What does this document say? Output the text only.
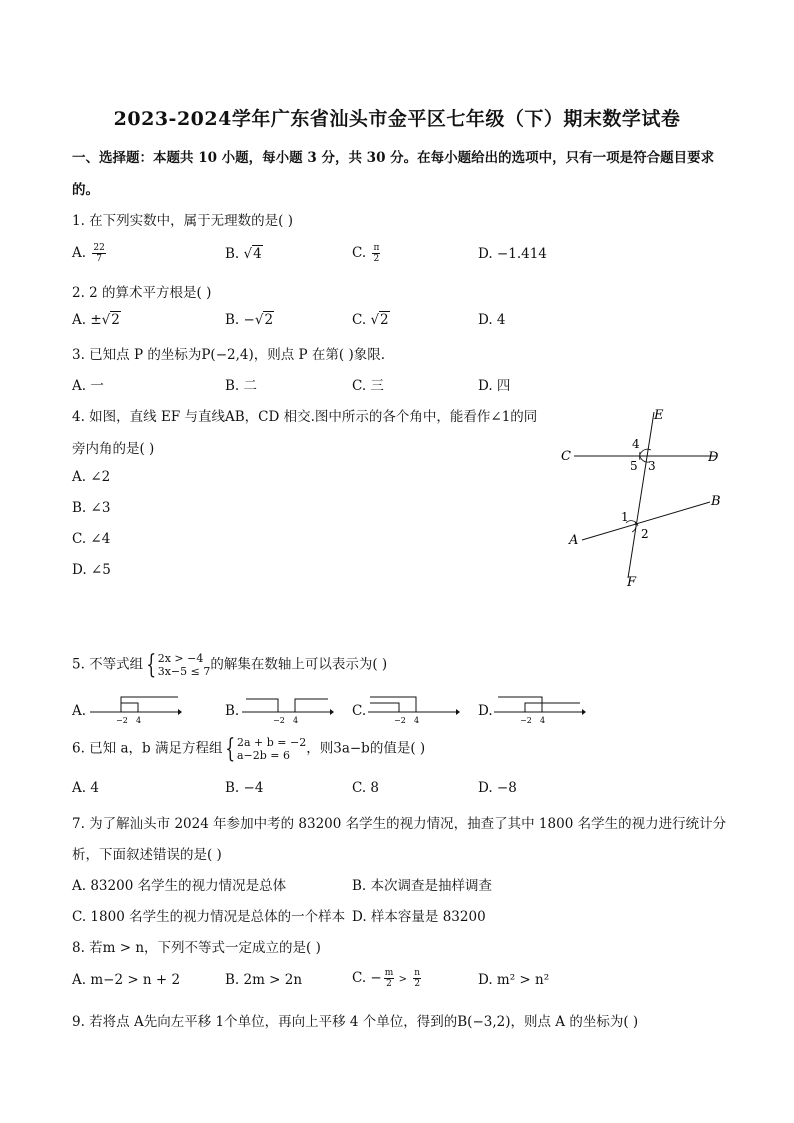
2023-2024学年广东省汕头市金平区七年级（下）期末数学试卷
一、选择题：本题共 10 小题，每小题 3 分，共 30 分。在每小题给出的选项中，只有一项是符合题目要求
的。
1. 在下列实数中，属于无理数的是( )
A. $\frac{22}{7}$	B. √4	C. $\frac{\pi}{2}$	D. −1.414
2. 2 的算术平方根是( )
A. ±√2	B. −√2	C. √2	D. 4
3. 已知点 P 的坐标为P(−2,4)，则点 P 在第( )象限.
A. 一	B. 二	C. 三	D. 四
4. 如图，直线 EF 与直线AB，CD 相交.图中所示的各个角中，能看作∠1的同
旁内角的是( )
A. ∠2
B. ∠3
C. ∠4
D. ∠5
E
C	D
B
A
F
4
5 3
1
2
5. 不等式组 { 2x > −4
3x−5 ≤ 7 的解集在数轴上可以表示为( )
A.
−2 4
B.
−2 4
C.
−2 4
D.
−2 4
6. 已知 a，b 满足方程组 { 2a + b = −2
a−2b = 6	，则3a−b的值是( )
A. 4	B. −4	C. 8	D. −8
7. 为了解汕头市 2024 年参加中考的 83200 名学生的视力情况，抽查了其中 1800 名学生的视力进行统计分
析，下面叙述错误的是( )
A. 83200 名学生的视力情况是总体	B. 本次调查是抽样调查
C. 1800 名学生的视力情况是总体的一个样本 D. 样本容量是 83200
8. 若m > n，下列不等式一定成立的是( )
A. m−2 > n + 2	B. 2m > 2n	C. − $\frac{m}{2} > \frac{n}{2}$	D. m² > n²
9. 若将点 A先向左平移 1个单位，再向上平移 4 个单位，得到的B(−3,2)，则点 A 的坐标为( )
